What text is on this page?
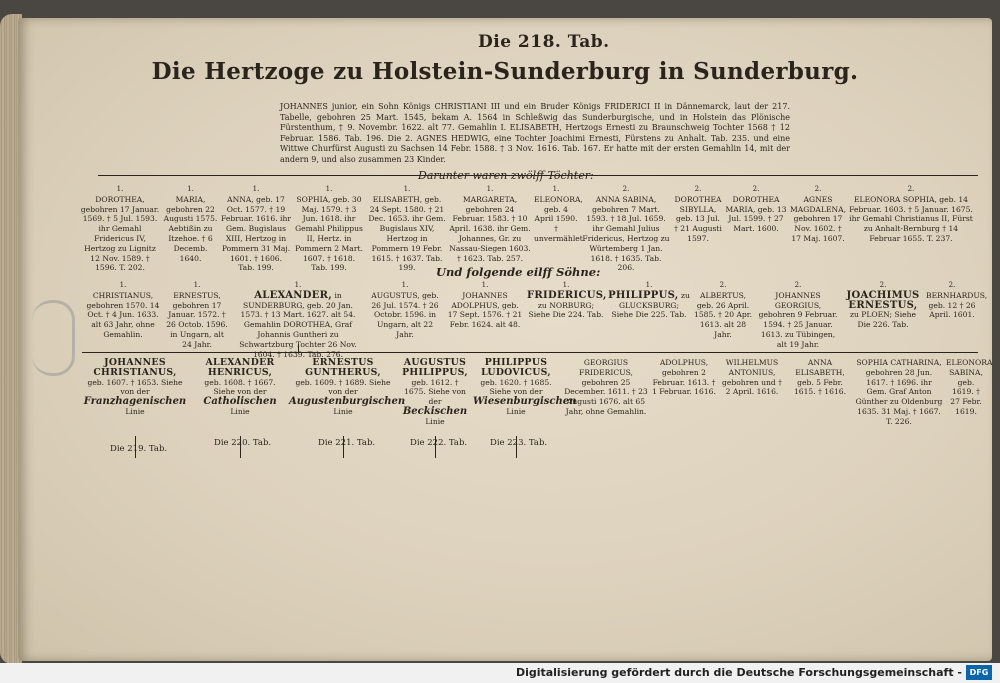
Die 218. Tab.
Die Hertzoge zu Holstein-Sunderburg in Sunderburg.
JOHANNES junior, ein Sohn Königs CHRISTIANI III und ein Bruder Königs FRIDERICI II in Dännemarck, laut der 217. Tabelle, gebohren 25 Mart. 1545, bekam A. 1564 in Schleßwig das Sunderburgische, und in Holstein das Plönische Fürstenthum, † 9. Novembr. 1622. alt 77. Gemahlin I. ELISABETH, Hertzogs Ernesti zu Braunschweig Tochter 1568 † 12 Februar. 1586. Tab. 196. Die 2. AGNES HEDWIG, eine Tochter Joachimi Ernesti, Fürstens zu Anhalt. Tab. 235. und eine Wittwe Churfürst Augusti zu Sachsen 14 Febr. 1588. † 3 Nov. 1616. Tab. 167. Er hatte mit der ersten Gemahlin 14, mit der andern 9, und also zusammen 23 Kinder.
Darunter waren zwölff Töchter:
1.
DOROTHEA, gebohren 17 Januar. 1569. † 5 Jul. 1593. ihr Gemahl Fridericus IV, Hertzog zu Lignitz 12 Nov. 1589. † 1596. T. 202.
1.
MARIA, gebohren 22 Augusti 1575. Aebtißin zu Itzehoe. † 6 Decemb. 1640.
1.
ANNA, geb. 17 Oct. 1577. † 19 Februar. 1616. ihr Gem. Bugislaus XIII, Hertzog in Pommern 31 Maj. 1601. † 1606. Tab. 199.
1.
SOPHIA, geb. 30 Maj. 1579. † 3 Jun. 1618. ihr Gemahl Philippus II, Hertz. in Pommern 2 Mart. 1607. † 1618. Tab. 199.
1.
ELISABETH, geb. 24 Sept. 1580. † 21 Dec. 1653. ihr Gem. Bugislaus XIV, Hertzog in Pommern 19 Febr. 1615. † 1637. Tab. 199.
1.
MARGARETA, gebohren 24 Februar. 1583. † 10 April. 1638. ihr Gem. Johannes, Gr. zu Nassau-Siegen 1603. † 1623. Tab. 257.
1.
ELEONORA, geb. 4 April 1590. † unvermählet.
2.
ANNA SABINA, gebohren 7 Mart. 1593. † 18 Jul. 1659. ihr Gemahl Julius Fridericus, Hertzog zu Würtemberg 1 Jan. 1618. † 1635. Tab. 206.
2.
DOROTHEA SIBYLLA, geb. 13 Jul. † 21 Augusti 1597.
2.
DOROTHEA MARIA, geb. 13 Jul. 1599. † 27 Mart. 1600.
2.
AGNES MAGDALENA, gebohren 17 Nov. 1602. † 17 Maj. 1607.
2.
ELEONORA SOPHIA, geb. 14 Februar. 1603. † 5 Januar. 1675. ihr Gemahl Christianus II, Fürst zu Anhalt-Bernburg † 14 Februar 1655. T. 237.
Und folgende eilff Söhne:
1.
CHRISTIANUS, gebohren 1570. 14 Oct. † 4 Jun. 1633. alt 63 Jahr, ohne Gemahlin.
1.
ERNESTUS, gebohren 17 Januar. 1572. † 26 Octob. 1596. in Ungarn, alt 24 Jahr.
1.
ALEXANDER, in SUNDERBURG, geb. 20 Jan. 1573. † 13 Mart. 1627. alt 54. Gemahlin DOROTHEA, Graf Johannis Guntheri zu Schwartzburg Tochter 26 Nov. 1604. † 1639. Tab. 276.
1.
AUGUSTUS, geb. 26 Jul. 1574. † 26 Octobr. 1596. in Ungarn, alt 22 Jahr.
1.
JOHANNES ADOLPHUS, geb. 17 Sept. 1576. † 21 Febr. 1624. alt 48.
1.
FRIDERICUS, zu NORBURG; Siehe Die 224. Tab.
1.
PHILIPPUS, zu GLUCKSBURG; Siehe Die 225. Tab.
2.
ALBERTUS, geb. 26 April. 1585. † 20 Apr. 1613. alt 28 Jahr.
2.
JOHANNES GEORGIUS, gebohren 9 Februar. 1594. † 25 Januar. 1613. zu Tübingen, alt 19 Jahr.
2.
JOACHIMUS ERNESTUS, zu PLOEN; Siehe Die 226. Tab.
2.
BERNHARDUS, geb. 12 † 26 April. 1601.
JOHANNES CHRISTIANUS,
geb. 1607. † 1653. Siehe von der
Franzhagenischen
Linie
ALEXANDER HENRICUS,
geb. 1608. † 1667. Siehe von der
Catholischen
Linie
ERNESTUS GUNTHERUS,
geb. 1609. † 1689. Siehe von der
Augustenburgischen
Linie
AUGUSTUS PHILIPPUS,
geb. 1612. † 1675. Siehe von der
Beckischen
Linie
PHILIPPUS LUDOVICUS,
geb. 1620. † 1685. Siehe von der
Wiesenburgischen
Linie
GEORGIUS FRIDERICUS, gebohren 25 December. 1611. † 23 Augusti 1676. alt 65 Jahr, ohne Gemahlin.
ADOLPHUS, gebohren 2 Februar. 1613. † 1 Februar. 1616.
WILHELMUS ANTONIUS, gebohren und † 2 April. 1616.
ANNA ELISABETH, geb. 5 Febr. 1615. † 1616.
SOPHIA CATHARINA, gebohren 28 Jun. 1617. † 1696. ihr Gem. Graf Anton Günther zu Oldenburg 1635. 31 Maj. † 1667. T. 226.
ELEONORA SABINA, geb. 1619. † 27 Febr. 1619.
Die 219. Tab.
Die 220. Tab.	Die 221. Tab.	Die 222. Tab.	Die 223. Tab.
Digitalisierung gefördert durch die Deutsche Forschungsgemeinschaft - DFG
